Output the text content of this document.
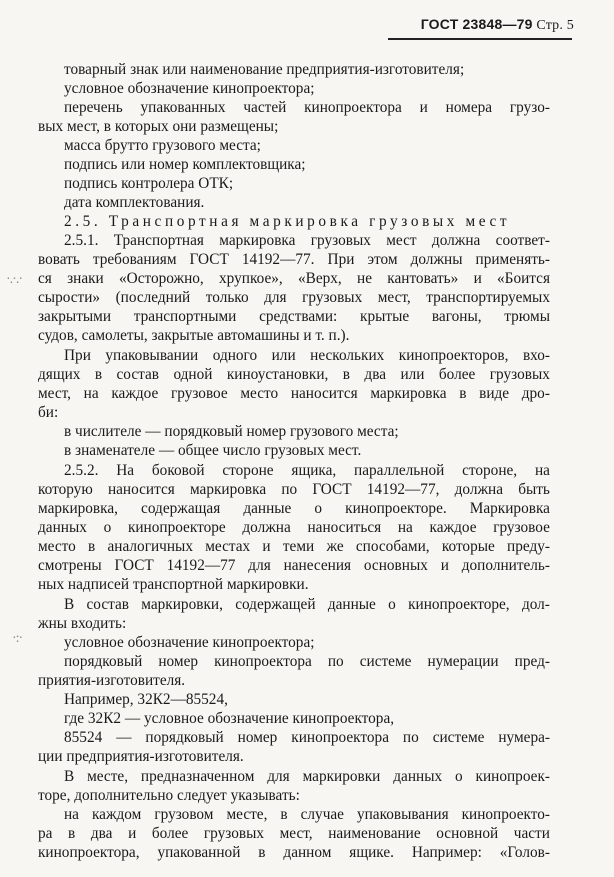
ГОСТ 23848—79 Стр. 5
·.·.·
·:·
товарный знак или наименование предприятия-изготовителя;
условное обозначение кинопроектора;
перечень упакованных частей кинопроектора и номера грузо-
вых мест, в которых они размещены;
масса брутто грузового места;
подпись или номер комплектовщика;
подпись контролера ОТК;
дата комплектования.
2.5. Транспортная маркировка грузовых мест
2.5.1. Транспортная маркировка грузовых мест должна соответ-
вовать требованиям ГОСТ 14192—77. При этом должны применять-
ся знаки «Осторожно, хрупкое», «Верх, не кантовать» и «Боится
сырости» (последний только для грузовых мест, транспортируемых
закрытыми транспортными средствами: крытые вагоны, трюмы
судов, самолеты, закрытые автомашины и т. п.).
При упаковывании одного или нескольких кинопроекторов, вхо-
дящих в состав одной киноустановки, в два или более грузовых
мест, на каждое грузовое место наносится маркировка в виде дро-
би:
в числителе — порядковый номер грузового места;
в знаменателе — общее число грузовых мест.
2.5.2. На боковой стороне ящика, параллельной стороне, на
которую наносится маркировка по ГОСТ 14192—77, должна быть
маркировка, содержащая данные о кинопроекторе. Маркировка
данных о кинопроекторе должна наноситься на каждое грузовое
место в аналогичных местах и теми же способами, которые преду-
смотрены ГОСТ 14192—77 для нанесения основных и дополнитель-
ных надписей транспортной маркировки.
В состав маркировки, содержащей данные о кинопроекторе, дол-
жны входить:
условное обозначение кинопроектора;
порядковый номер кинопроектора по системе нумерации пред-
приятия-изготовителя.
Например, 32К2—85524,
где 32К2 — условное обозначение кинопроектора,
85524 — порядковый номер кинопроектора по системе нумера-
ции предприятия-изготовителя.
В месте, предназначенном для маркировки данных о кинопроек-
торе, дополнительно следует указывать:
на каждом грузовом месте, в случае упаковывания кинопроекто-
ра в два и более грузовых мест, наименование основной части
кинопроектора, упакованной в данном ящике. Например: «Голов-
